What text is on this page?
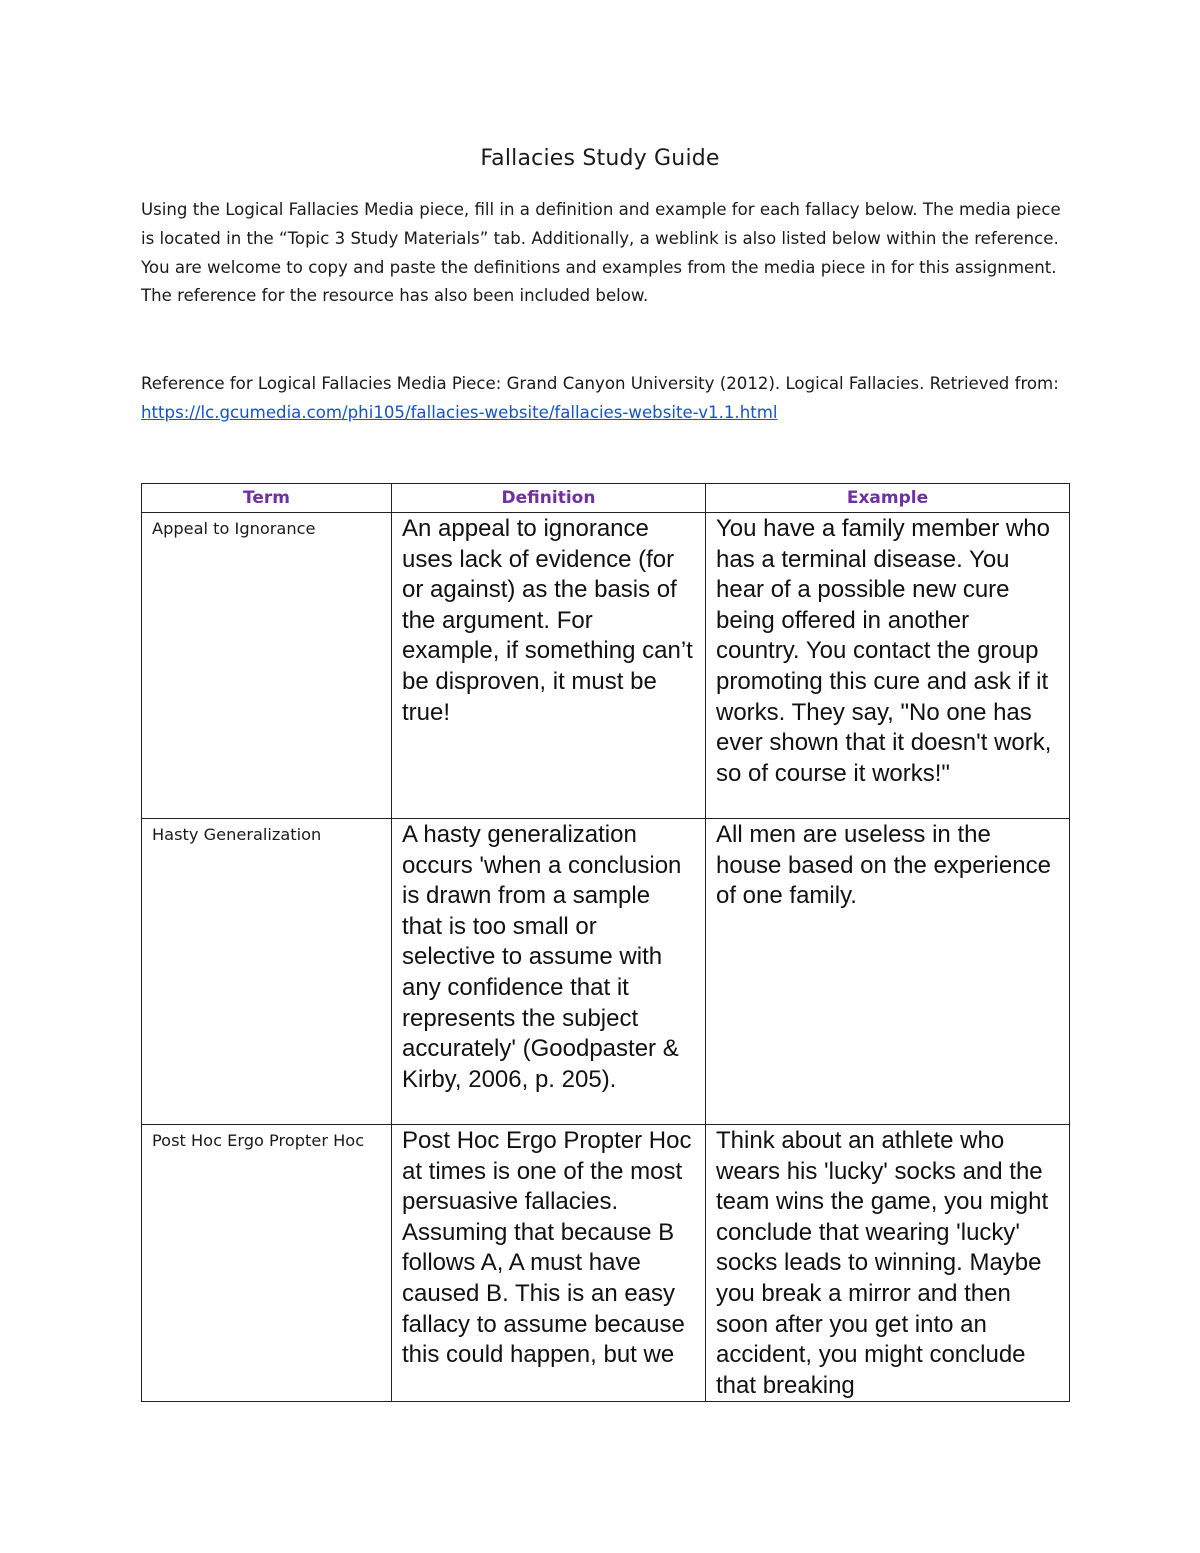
Fallacies Study Guide
Using the Logical Fallacies Media piece, fill in a definition and example for each fallacy below. The media piece is located in the “Topic 3 Study Materials” tab. Additionally, a weblink is also listed below within the reference. You are welcome to copy and paste the definitions and examples from the media piece in for this assignment. The reference for the resource has also been included below.
Reference for Logical Fallacies Media Piece: Grand Canyon University (2012). Logical Fallacies. Retrieved from: https://lc.gcumedia.com/phi105/fallacies-website/fallacies-website-v1.1.html
Term	Definition	Example

Appeal to Ignorance	An appeal to ignorance uses lack of evidence (for or against) as the basis of the argument. For example, if something can’t be disproven, it must be true!	You have a family member who has a terminal disease. You hear of a possible new cure being offered in another country. You contact the group promoting this cure and ask if it works. They say, "No one has ever shown that it doesn't work, so of course it works!"

Hasty Generalization	A hasty generalization occurs 'when a conclusion is drawn from a sample that is too small or selective to assume with any confidence that it represents the subject accurately' (Goodpaster & Kirby, 2006, p. 205).	All men are useless in the house based on the experience of one family.

Post Hoc Ergo Propter Hoc	Post Hoc Ergo Propter Hoc at times is one of the most persuasive fallacies. Assuming that because B follows A, A must have caused B. This is an easy fallacy to assume because this could happen, but we	Think about an athlete who wears his 'lucky' socks and the team wins the game, you might conclude that wearing 'lucky' socks leads to winning. Maybe you break a mirror and then soon after you get into an accident, you might conclude that breaking
